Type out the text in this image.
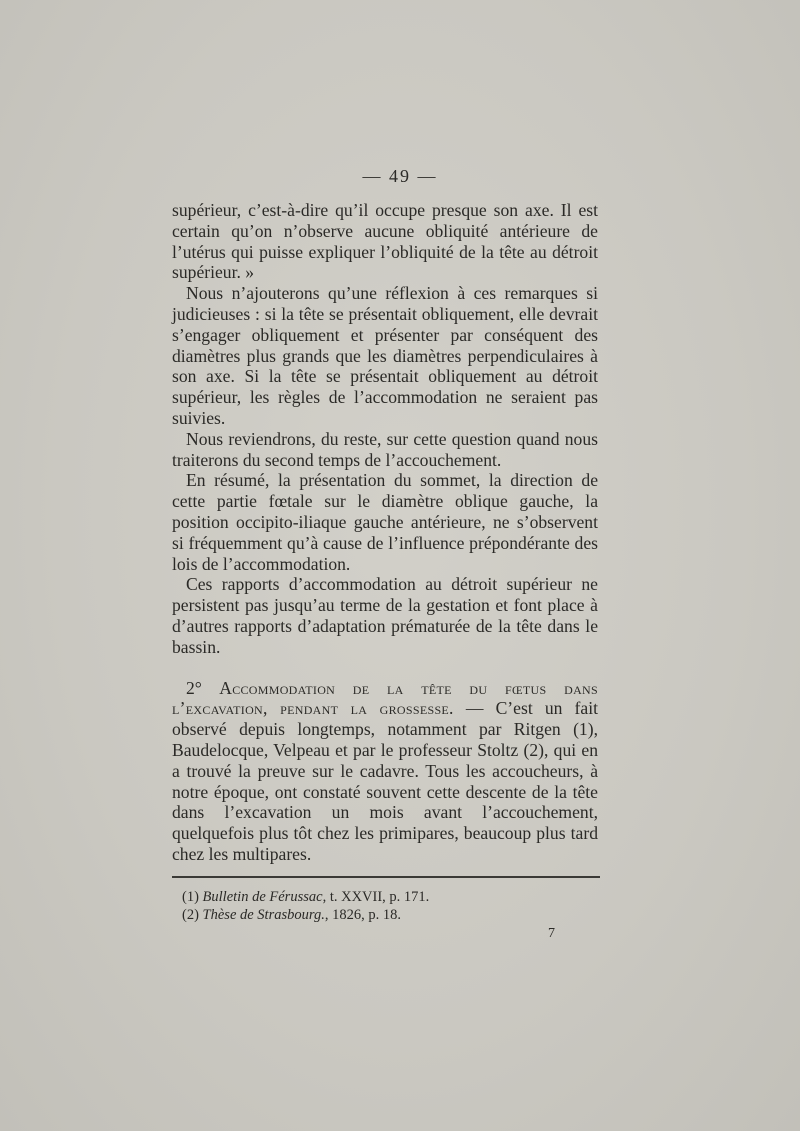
— 49 —

supérieur, c’est-à-dire qu’il occupe presque son axe. Il est certain qu’on n’observe aucune obliquité antérieure de l’utérus qui puisse expliquer l’obliquité de la tête au détroit supérieur. »

Nous n’ajouterons qu’une réflexion à ces remarques si judicieuses : si la tête se présentait obliquement, elle devrait s’engager obliquement et présenter par conséquent des diamètres plus grands que les diamètres perpendiculaires à son axe. Si la tête se présentait obliquement au détroit supérieur, les règles de l’accommodation ne seraient pas suivies.

Nous reviendrons, du reste, sur cette question quand nous traiterons du second temps de l’accouchement.

En résumé, la présentation du sommet, la direction de cette partie fœtale sur le diamètre oblique gauche, la position occipito-iliaque gauche antérieure, ne s’observent si fréquemment qu’à cause de l’influence prépondérante des lois de l’accommodation.

Ces rapports d’accommodation au détroit supérieur ne persistent pas jusqu’au terme de la gestation et font place à d’autres rapports d’adaptation prématurée de la tête dans le bassin.

2° Accommodation de la tête du fœtus dans l’excavation, pendant la grossesse. — C’est un fait observé depuis longtemps, notamment par Ritgen (1), Baudelocque, Velpeau et par le professeur Stoltz (2), qui en a trouvé la preuve sur le cadavre. Tous les accoucheurs, à notre époque, ont constaté souvent cette descente de la tête dans l’excavation un mois avant l’accouchement, quelquefois plus tôt chez les primipares, beaucoup plus tard chez les multipares.

(1) Bulletin de Férussac, t. XXVII, p. 171.
(2) Thèse de Strasbourg., 1826, p. 18.
7
